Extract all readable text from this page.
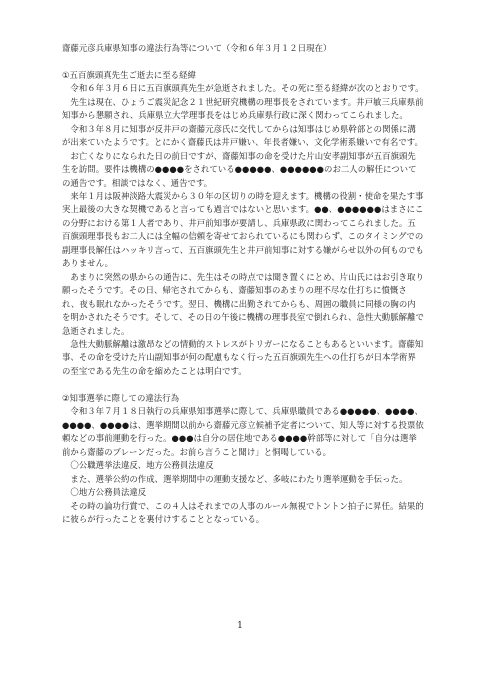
齋藤元彦兵庫県知事の違法行為等について（令和６年３月１２日現在）

①五百旗頭真先生ご逝去に至る経緯

令和６年３月６日に五百旗頭真先生が急逝されました。その死に至る経緯が次のとおりです。

先生は現在、ひょうご震災記念２１世紀研究機構の理事長をされています。井戸敏三兵庫県前知事から懇願され、兵庫県立大学理事長をはじめ兵庫県行政に深く関わってこられました。

令和３年８月に知事が反井戸の齋藤元彦氏に交代してからは知事はじめ県幹部との関係に溝が出来ていたようです。とにかく齋藤氏は井戸嫌い、年長者嫌い、文化学術系嫌いで有名です。

お亡くなりになられた日の前日ですが、齋藤知事の命を受けた片山安孝副知事が五百旗頭先生を訪問。要件は機構の●●●●をされている●●●●●、●●●●●●のお二人の解任についての通告です。相談ではなく、通告です。

来年１月は阪神淡路大震災から３０年の区切りの時を迎えます。機構の役割・使命を果たす事実上最後の大きな契機であると言っても過言ではないと思います。●●、●●●●●●はまさにこの分野における第１人者であり、井戸前知事が要請し、兵庫県政に関わってこられました。五百旗頭理事長もお二人には全幅の信頼を寄せておられているにも関わらず、このタイミングでの副理事長解任はハッキリ言って、五百旗頭先生と井戸前知事に対する嫌がらせ以外の何ものでもありません。

あまりに突然の県からの通告に、先生はその時点では聞き置くにとめ、片山氏にはお引き取り願ったそうです。その日、帰宅されてからも、齋藤知事のあまりの理不尽な仕打ちに憤慨され、夜も眠れなかったそうです。翌日、機構に出勤されてからも、周囲の職員に同様の胸の内を明かされたそうです。そして、その日の午後に機構の理事長室で倒れられ、急性大動脈解離で急逝されました。

急性大動脈解離は激昂などの情動的ストレスがトリガーになることもあるといいます。齋藤知事、その命を受けた片山副知事が何の配慮もなく行った五百旗頭先生への仕打ちが日本学術界の至宝である先生の命を縮めたことは明白です。

②知事選挙に際しての違法行為

令和３年７月１８日執行の兵庫県知事選挙に際して、兵庫県職員である●●●●●、●●●●、●●●●、●●●●は、選挙期間以前から齋藤元彦立候補予定者について、知人等に対する投票依頼などの事前運動を行った。●●●は自分の居住地である●●●●幹部等に対して「自分は選挙前から齋藤のブレーンだった。お前ら言うこと聞け」と恫喝している。

〇公職選挙法違反、地方公務員法違反

また、選挙公約の作成、選挙期間中の運動支援など、多岐にわたり選挙運動を手伝った。

〇地方公務員法違反

その時の論功行賞で、この４人はそれまでの人事のルール無視でトントン拍子に昇任。結果的に彼らが行ったことを裏付けすることとなっている。

1
